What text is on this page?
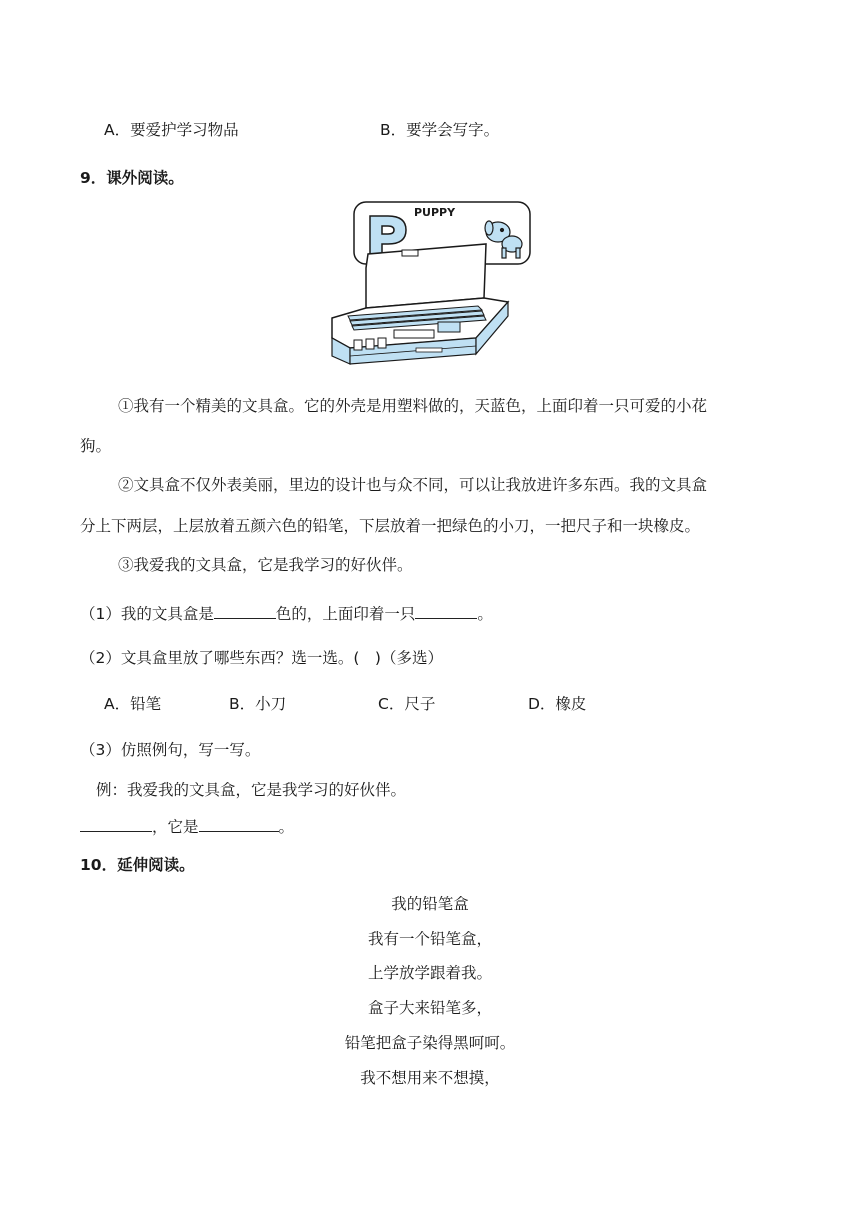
A．要爱护学习物品	B．要学会写字。
9．课外阅读。
PUPPY
①我有一个精美的文具盒。它的外壳是用塑料做的，天蓝色，上面印着一只可爱的小花
狗。
②文具盒不仅外表美丽，里边的设计也与众不同，可以让我放进许多东西。我的文具盒
分上下两层，上层放着五颜六色的铅笔，下层放着一把绿色的小刀，一把尺子和一块橡皮。
③我爱我的文具盒，它是我学习的好伙伴。
（1）我的文具盒是	色的，上面印着一只	。
（2）文具盒里放了哪些东西？选一选。(　)（多选）
A．铅笔	B．小刀	C．尺子	D．橡皮
（3）仿照例句，写一写。
例：我爱我的文具盒，它是我学习的好伙伴。
，它是	。
10．延伸阅读。
我的铅笔盒
我有一个铅笔盒，
上学放学跟着我。
盒子大来铅笔多，
铅笔把盒子染得黑呵呵。
我不想用来不想摸，
